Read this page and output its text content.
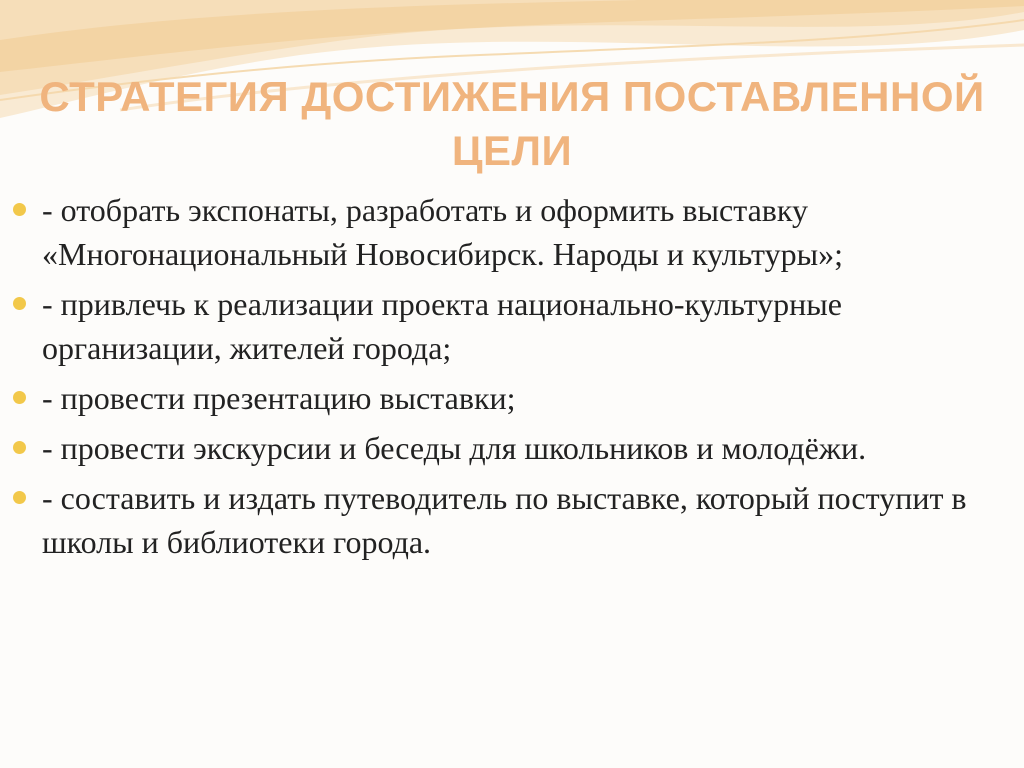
СТРАТЕГИЯ ДОСТИЖЕНИЯ ПОСТАВЛЕННОЙ ЦЕЛИ
- отобрать экспонаты, разработать и оформить выставку «Многонациональный Новосибирск. Народы и культуры»;
- привлечь к реализации проекта национально-культурные организации, жителей города;
- провести презентацию выставки;
- провести экскурсии и беседы для школьников и молодёжи.
- составить и издать путеводитель по выставке, который поступит в школы и библиотеки города.
